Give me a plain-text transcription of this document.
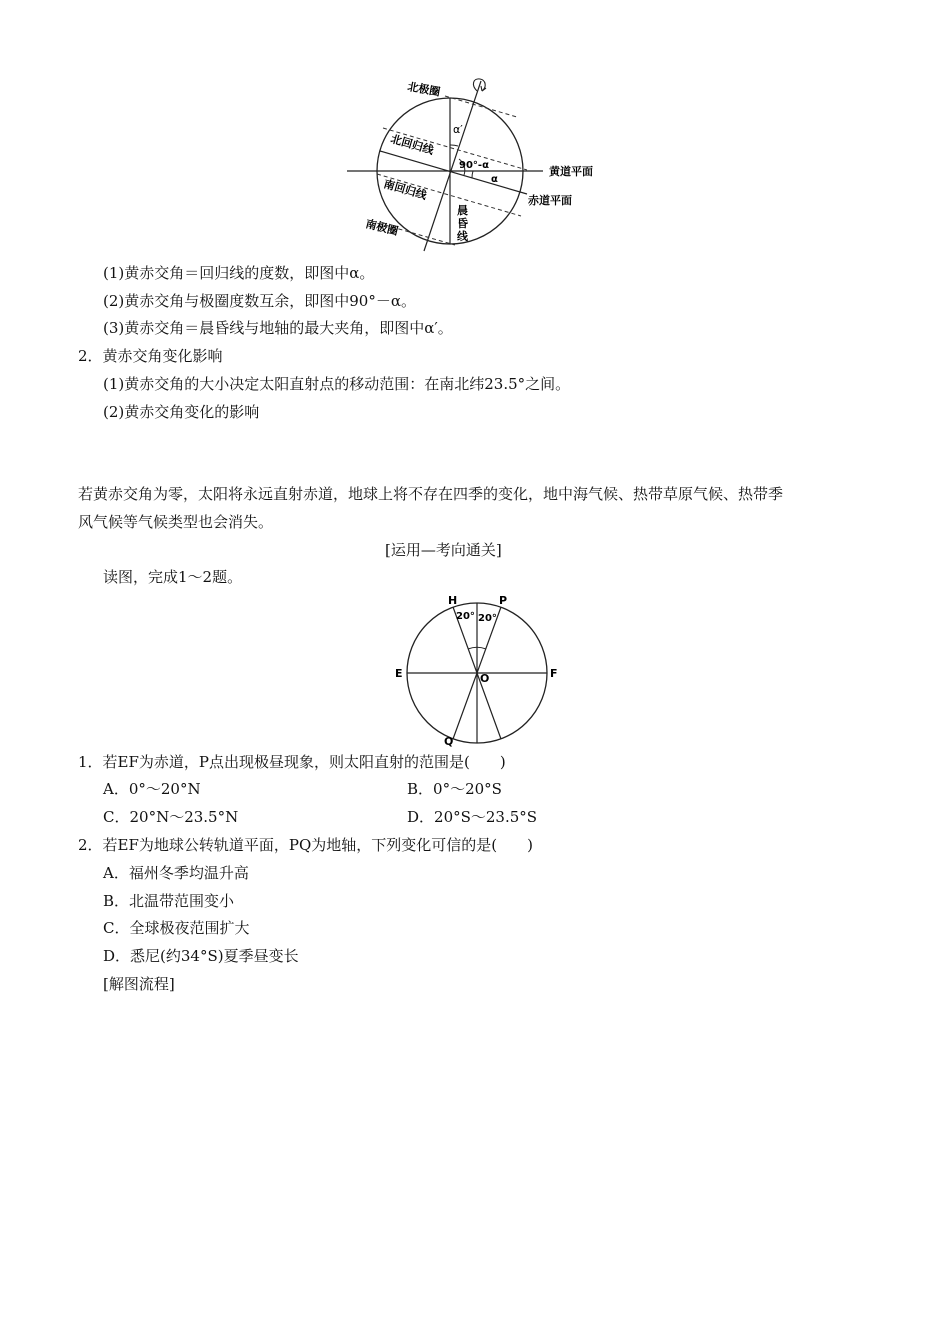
北极圈
北回归线
南回归线
南极圈
黄道平面
赤道平面
α′
90°-α
α
晨
昏
线
(1)黄赤交角＝回归线的度数，即图中α。
(2)黄赤交角与极圈度数互余，即图中90°－α。
(3)黄赤交角＝晨昏线与地轴的最大夹角，即图中α′。
2．黄赤交角变化影响
(1)黄赤交角的大小决定太阳直射点的移动范围：在南北纬23.5°之间。
(2)黄赤交角变化的影响
若黄赤交角为零，太阳将永远直射赤道，地球上将不存在四季的变化，地中海气候、热带草原气候、热带季
风气候等气候类型也会消失。
[运用—考向通关]
读图，完成1～2题。
H	P
E	F
O
Q
20° 20°
1．若EF为赤道，P点出现极昼现象，则太阳直射的范围是(　　)
A．0°～20°N	B．0°～20°S
C．20°N～23.5°N	D．20°S～23.5°S
2．若EF为地球公转轨道平面，PQ为地轴，下列变化可信的是(　　)
A．福州冬季均温升高
B．北温带范围变小
C．全球极夜范围扩大
D．悉尼(约34°S)夏季昼变长
[解图流程]
